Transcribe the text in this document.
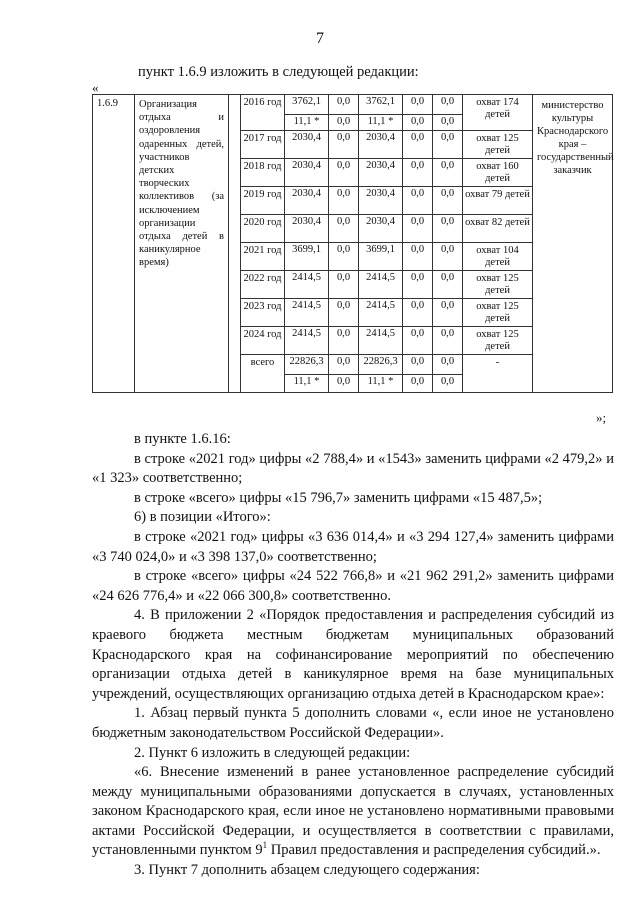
7
пункт 1.6.9 изложить в следующей редакции:
«
1.6.9	Организация отдыха и оздоровления одаренных детей, участников детских творческих коллективов (за исключением организации отдыха детей в каникулярное время)		2016 год	3762,1	0,0	3762,1	0,0	0,0	охват 174 детей	министерство культуры Краснодарского края – государственный заказчик
				11,1 *	0,0	11,1 *	0,0	0,0		
			2017 год	2030,4	0,0	2030,4	0,0	0,0	охват 125 детей	
			2018 год	2030,4	0,0	2030,4	0,0	0,0	охват 160 детей	
			2019 год	2030,4	0,0	2030,4	0,0	0,0	охват 79 детей	
			2020 год	2030,4	0,0	2030,4	0,0	0,0	охват 82 детей	
			2021 год	3699,1	0,0	3699,1	0,0	0,0	охват 104 детей	
			2022 год	2414,5	0,0	2414,5	0,0	0,0	охват 125 детей	
			2023 год	2414,5	0,0	2414,5	0,0	0,0	охват 125 детей	
			2024 год	2414,5	0,0	2414,5	0,0	0,0	охват 125 детей	
			всего	22826,3	0,0	22826,3	0,0	0,0	-	
				11,1 *	0,0	11,1 *	0,0	0,0		
»;

в пункте 1.6.16:

в строке «2021 год» цифры «2 788,4» и «1543» заменить цифрами «2 479,2» и «1 323» соответственно;

в строке «всего» цифры «15 796,7» заменить цифрами «15 487,5»;

6) в позиции «Итого»:

в строке «2021 год» цифры «3 636 014,4» и «3 294 127,4» заменить цифрами «3 740 024,0» и «3 398 137,0» соответственно;

в строке «всего» цифры «24 522 766,8» и «21 962 291,2» заменить цифрами «24 626 776,4» и «22 066 300,8» соответственно.

4. В приложении 2 «Порядок предоставления и распределения субсидий из краевого бюджета местным бюджетам муниципальных образований Краснодарского края на софинансирование мероприятий по обеспечению организации отдыха детей в каникулярное время на базе муниципальных учреждений, осуществляющих организацию отдыха детей в Краснодарском крае»:

1. Абзац первый пункта 5 дополнить словами «, если иное не установлено бюджетным законодательством Российской Федерации».

2. Пункт 6 изложить в следующей редакции:

«6. Внесение изменений в ранее установленное распределение субсидий между муниципальными образованиями допускается в случаях, установленных законом Краснодарского края, если иное не установлено нормативными правовыми актами Российской Федерации, и осуществляется в соответствии с правилами, установленными пунктом $9^1$ Правил предоставления и распределения субсидий.».

3. Пункт 7 дополнить абзацем следующего содержания:
